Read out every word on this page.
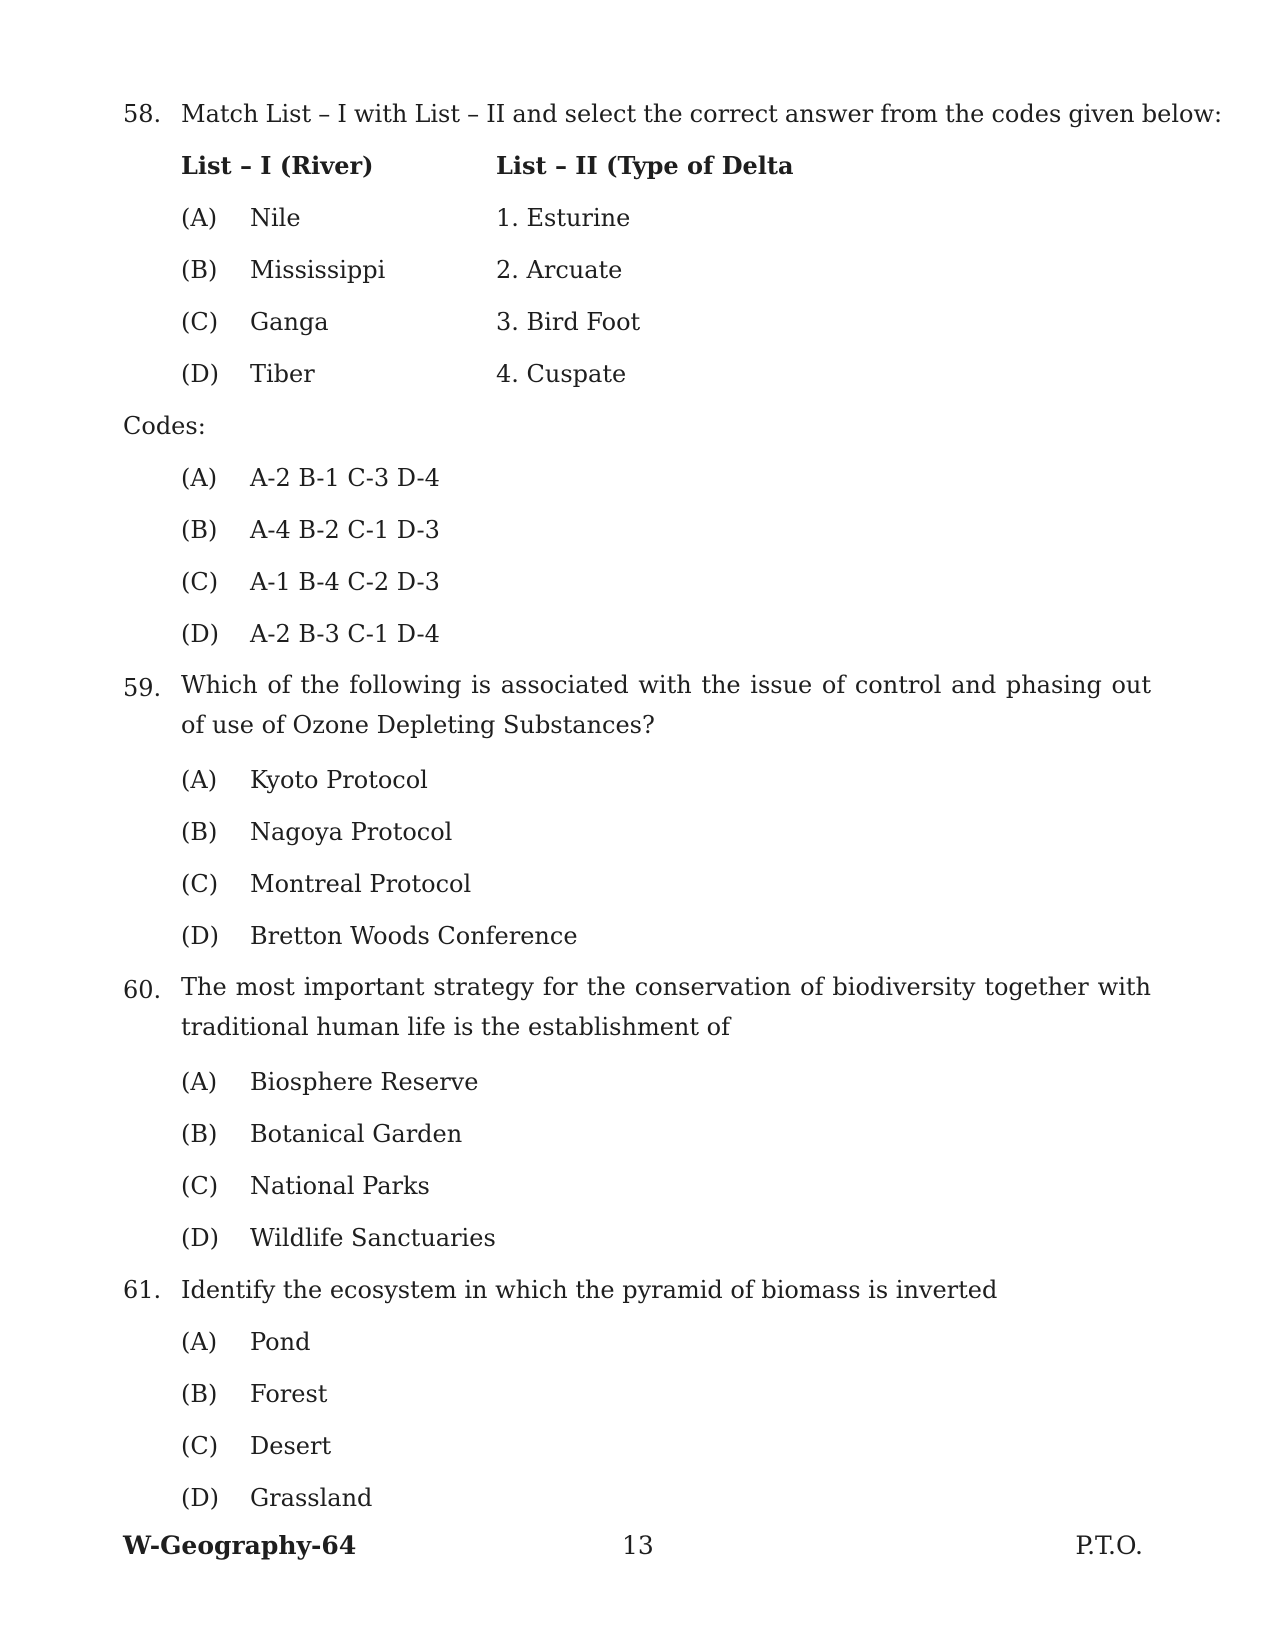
58. Match List – I with List – II and select the correct answer from the codes given below:
List – I (River)	List – II (Type of Delta
(A) Nile	1. Esturine
(B) Mississippi	2. Arcuate
(C) Ganga	3. Bird Foot
(D) Tiber	4. Cuspate
Codes:
(A) A-2 B-1 C-3 D-4
(B) A-4 B-2 C-1 D-3
(C) A-1 B-4 C-2 D-3
(D) A-2 B-3 C-1 D-4
59. Which of the following is associated with the issue of control and phasing out of use of Ozone Depleting Substances?
(A) Kyoto Protocol
(B) Nagoya Protocol
(C) Montreal Protocol
(D) Bretton Woods Conference
60. The most important strategy for the conservation of biodiversity together with traditional human life is the establishment of
(A) Biosphere Reserve
(B) Botanical Garden
(C) National Parks
(D) Wildlife Sanctuaries
61. Identify the ecosystem in which the pyramid of biomass is inverted
(A) Pond
(B) Forest
(C) Desert
(D) Grassland
W-Geography-64	13	P.T.O.
